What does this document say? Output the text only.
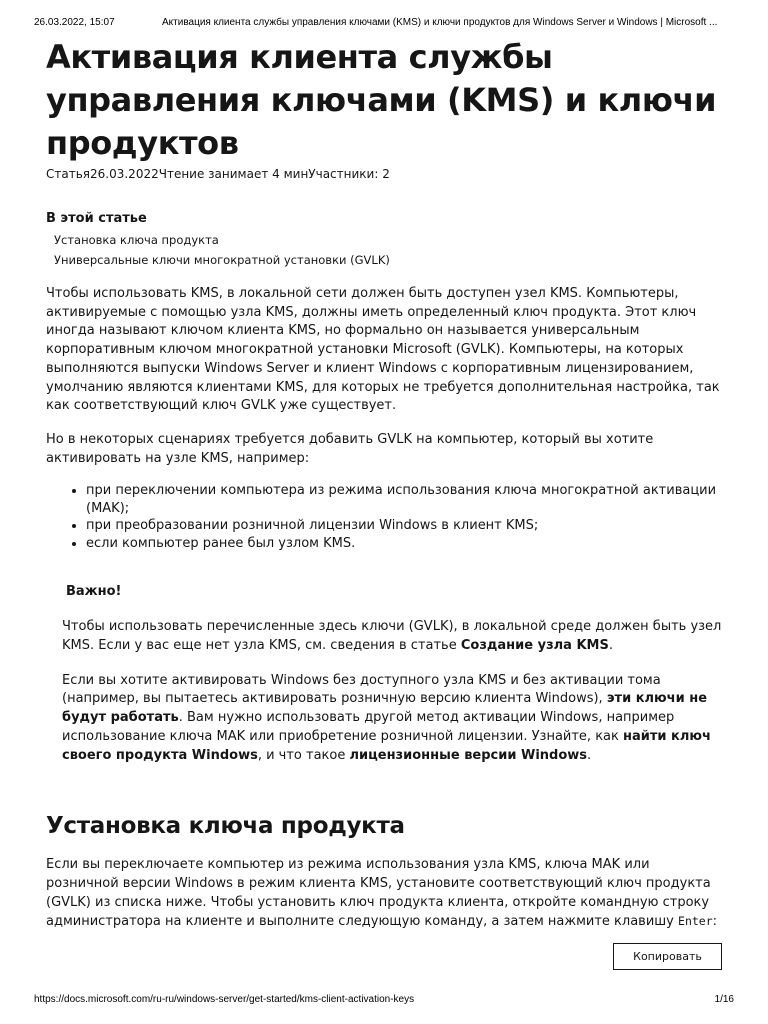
26.03.2022, 15:07	Активация клиента службы управления ключами (KMS) и ключи продуктов для Windows Server и Windows | Microsoft ...
Активация клиента службы управления ключами (KMS) и ключи продуктов
Статья26.03.2022Чтение занимает 4 минУчастники: 2
В этой статье
Установка ключа продукта
Универсальные ключи многократной установки (GVLK)

Чтобы использовать KMS, в локальной сети должен быть доступен узел KMS. Компьютеры, активируемые с помощью узла KMS, должны иметь определенный ключ продукта. Этот ключ иногда называют ключом клиента KMS, но формально он называется универсальным корпоративным ключом многократной установки Microsoft (GVLK). Компьютеры, на которых выполняются выпуски Windows Server и клиент Windows с корпоративным лицензированием, умолчанию являются клиентами KMS, для которых не требуется дополнительная настройка, так как соответствующий ключ GVLK уже существует.

Но в некоторых сценариях требуется добавить GVLK на компьютер, который вы хотите активировать на узле KMS, например:

• при переключении компьютера из режима использования ключа многократной активации (MAK);
• при преобразовании розничной лицензии Windows в клиент KMS;
• если компьютер ранее был узлом KMS.
Важно!

Чтобы использовать перечисленные здесь ключи (GVLK), в локальной среде должен быть узел KMS. Если у вас еще нет узла KMS, см. сведения в статье Создание узла KMS.

Если вы хотите активировать Windows без доступного узла KMS и без активации тома (например, вы пытаетесь активировать розничную версию клиента Windows), эти ключи не будут работать. Вам нужно использовать другой метод активации Windows, например использование ключа MAK или приобретение розничной лицензии. Узнайте, как найти ключ своего продукта Windows, и что такое лицензионные версии Windows.

Установка ключа продукта

Если вы переключаете компьютер из режима использования узла KMS, ключа MAK или розничной версии Windows в режим клиента KMS, установите соответствующий ключ продукта (GVLK) из списка ниже. Чтобы установить ключ продукта клиента, откройте командную строку администратора на клиенте и выполните следующую команду, а затем нажмите клавишу Enter:

Копировать
https://docs.microsoft.com/ru-ru/windows-server/get-started/kms-client-activation-keys	1/16
